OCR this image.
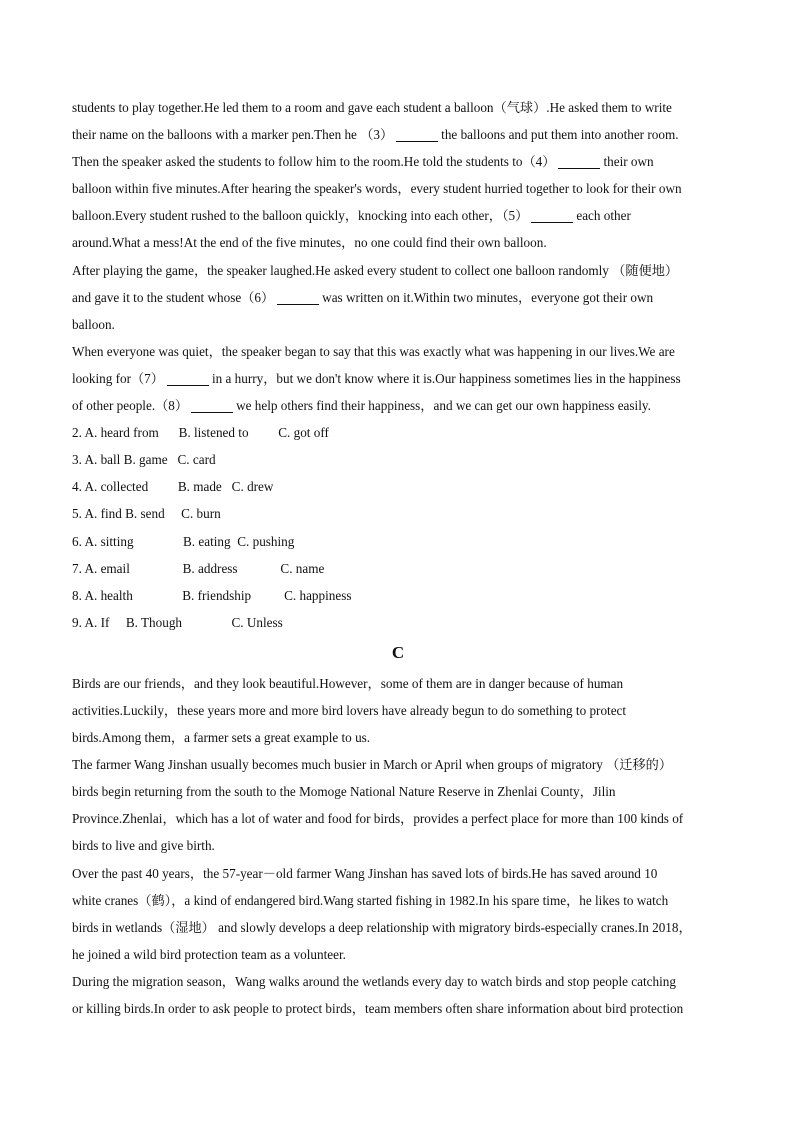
students to play together.He led them to a room and gave each student a balloon（气球）.He asked them to write
their name on the balloons with a marker pen.Then he （3）	the balloons and put them into another room.
Then the speaker asked the students to follow him to the room.He told the students to（4）	their own
balloon within five minutes.After hearing the speaker's words，every student hurried together to look for their own
balloon.Every student rushed to the balloon quickly，knocking into each other，（5）	each other
around.What a mess!At the end of the five minutes，no one could find their own balloon.
After playing the game，the speaker laughed.He asked every student to collect one balloon randomly （随便地）
and gave it to the student whose（6）	was written on it.Within two minutes，everyone got their own
balloon.
When everyone was quiet，the speaker began to say that this was exactly what was happening in our lives.We are
looking for（7）	in a hurry，but we don't know where it is.Our happiness sometimes lies in the happiness
of other people.（8）	we help others find their happiness，and we can get our own happiness easily.
2. A. heard from      B. listened to         C. got off
3. A. ball B. game   C. card
4. A. collected         B. made   C. drew
5. A. find B. send     C. burn
6. A. sitting               B. eating  C. pushing
7. A. email                B. address             C. name
8. A. health               B. friendship          C. happiness
9. A. If     B. Though               C. Unless
C
Birds are our friends，and they look beautiful.However，some of them are in danger because of human
activities.Luckily，these years more and more bird lovers have already begun to do something to protect
birds.Among them，a farmer sets a great example to us.
The farmer Wang Jinshan usually becomes much busier in March or April when groups of migratory （迁移的）
birds begin returning from the south to the Momoge National Nature Reserve in Zhenlai County，Jilin
Province.Zhenlai，which has a lot of water and food for birds，provides a perfect place for more than 100 kinds of
birds to live and give birth.
Over the past 40 years，the 57-year－old farmer Wang Jinshan has saved lots of birds.He has saved around 10
white cranes（鹤），a kind of endangered bird.Wang started fishing in 1982.In his spare time，he likes to watch
birds in wetlands（湿地） and slowly develops a deep relationship with migratory birds-especially cranes.In 2018，
he joined a wild bird protection team as a volunteer.
During the migration season，Wang walks around the wetlands every day to watch birds and stop people catching
or killing birds.In order to ask people to protect birds，team members often share information about bird protection
